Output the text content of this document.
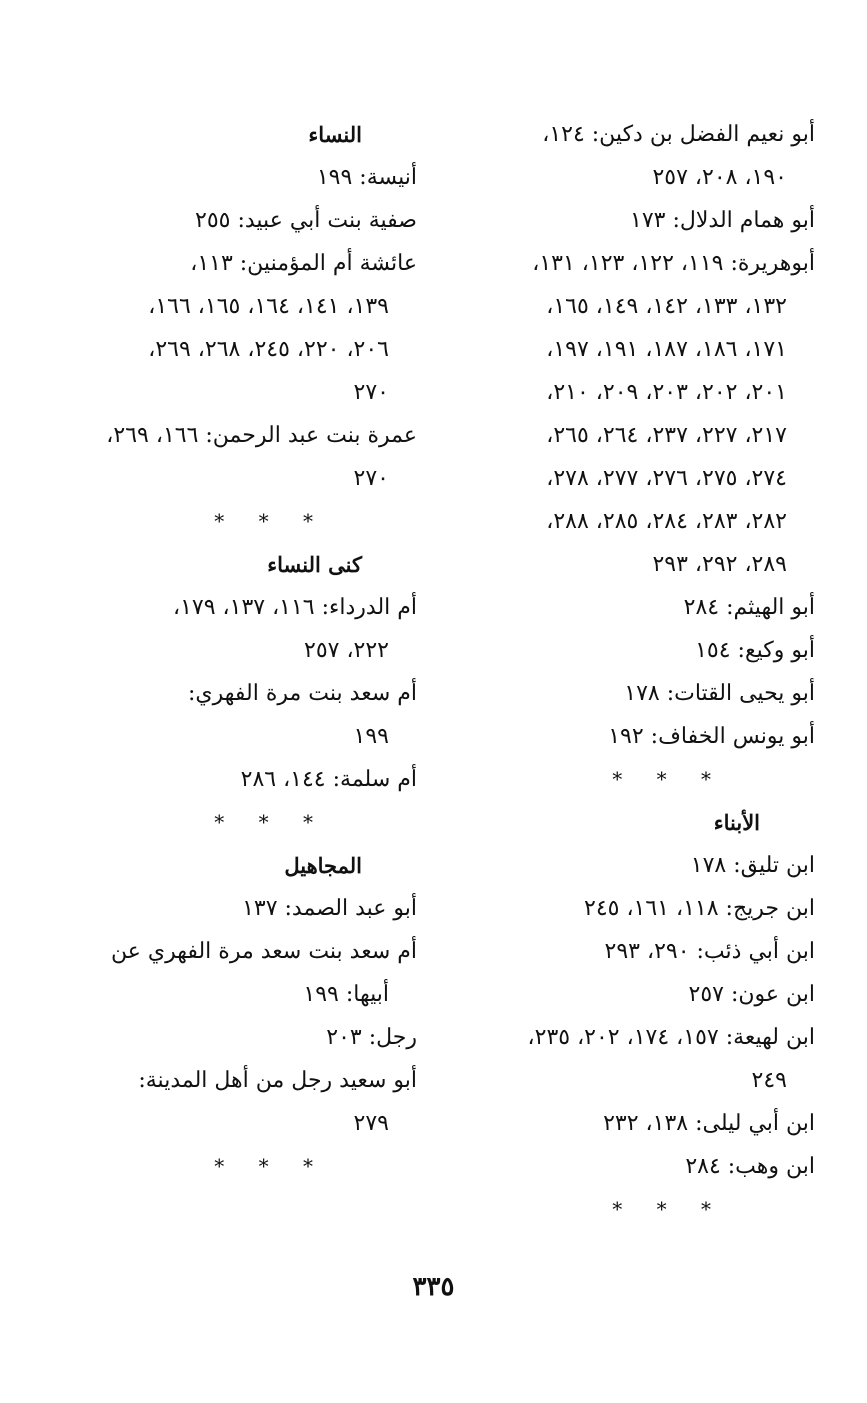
أبو نعيم الفضل بن دكين: ١٢٤،
١٩٠، ٢٠٨، ٢٥٧
أبو همام الدلال: ١٧٣
أبوهريرة: ١١٩، ١٢٢، ١٢٣، ١٣١،
١٣٢، ١٣٣، ١٤٢، ١٤٩، ١٦٥،
١٧١، ١٨٦، ١٨٧، ١٩١، ١٩٧،
٢٠١، ٢٠٢، ٢٠٣، ٢٠٩، ٢١٠،
٢١٧، ٢٢٧، ٢٣٧، ٢٦٤، ٢٦٥،
٢٧٤، ٢٧٥، ٢٧٦، ٢٧٧، ٢٧٨،
٢٨٢، ٢٨٣، ٢٨٤، ٢٨٥، ٢٨٨،
٢٨٩، ٢٩٢، ٢٩٣
أبو الهيثم: ٢٨٤
أبو وكيع: ١٥٤
أبو يحيى القتات: ١٧٨
أبو يونس الخفاف: ١٩٢
* * *
الأبناء
ابن تليق: ١٧٨
ابن جريج: ١١٨، ١٦١، ٢٤٥
ابن أبي ذئب: ٢٩٠، ٢٩٣
ابن عون: ٢٥٧
ابن لهيعة: ١٥٧، ١٧٤، ٢٠٢، ٢٣٥،
٢٤٩
ابن أبي ليلى: ١٣٨، ٢٣٢
ابن وهب: ٢٨٤
* * *
النساء
أنيسة: ١٩٩
صفية بنت أبي عبيد: ٢٥٥
عائشة أم المؤمنين: ١١٣،
١٣٩، ١٤١، ١٦٤، ١٦٥، ١٦٦،
٢٠٦، ٢٢٠، ٢٤٥، ٢٦٨، ٢٦٩،
٢٧٠
عمرة بنت عبد الرحمن: ١٦٦، ٢٦٩،
٢٧٠
* * *
كنى النساء
أم الدرداء: ١١٦، ١٣٧، ١٧٩،
٢٢٢، ٢٥٧
أم سعد بنت مرة الفهري:
١٩٩
أم سلمة: ١٤٤، ٢٨٦
* * *
المجاهيل
أبو عبد الصمد: ١٣٧
أم سعد بنت سعد مرة الفهري عن
أبيها: ١٩٩
رجل: ٢٠٣
أبو سعيد رجل من أهل المدينة:
٢٧٩
* * *
٣٣٥
